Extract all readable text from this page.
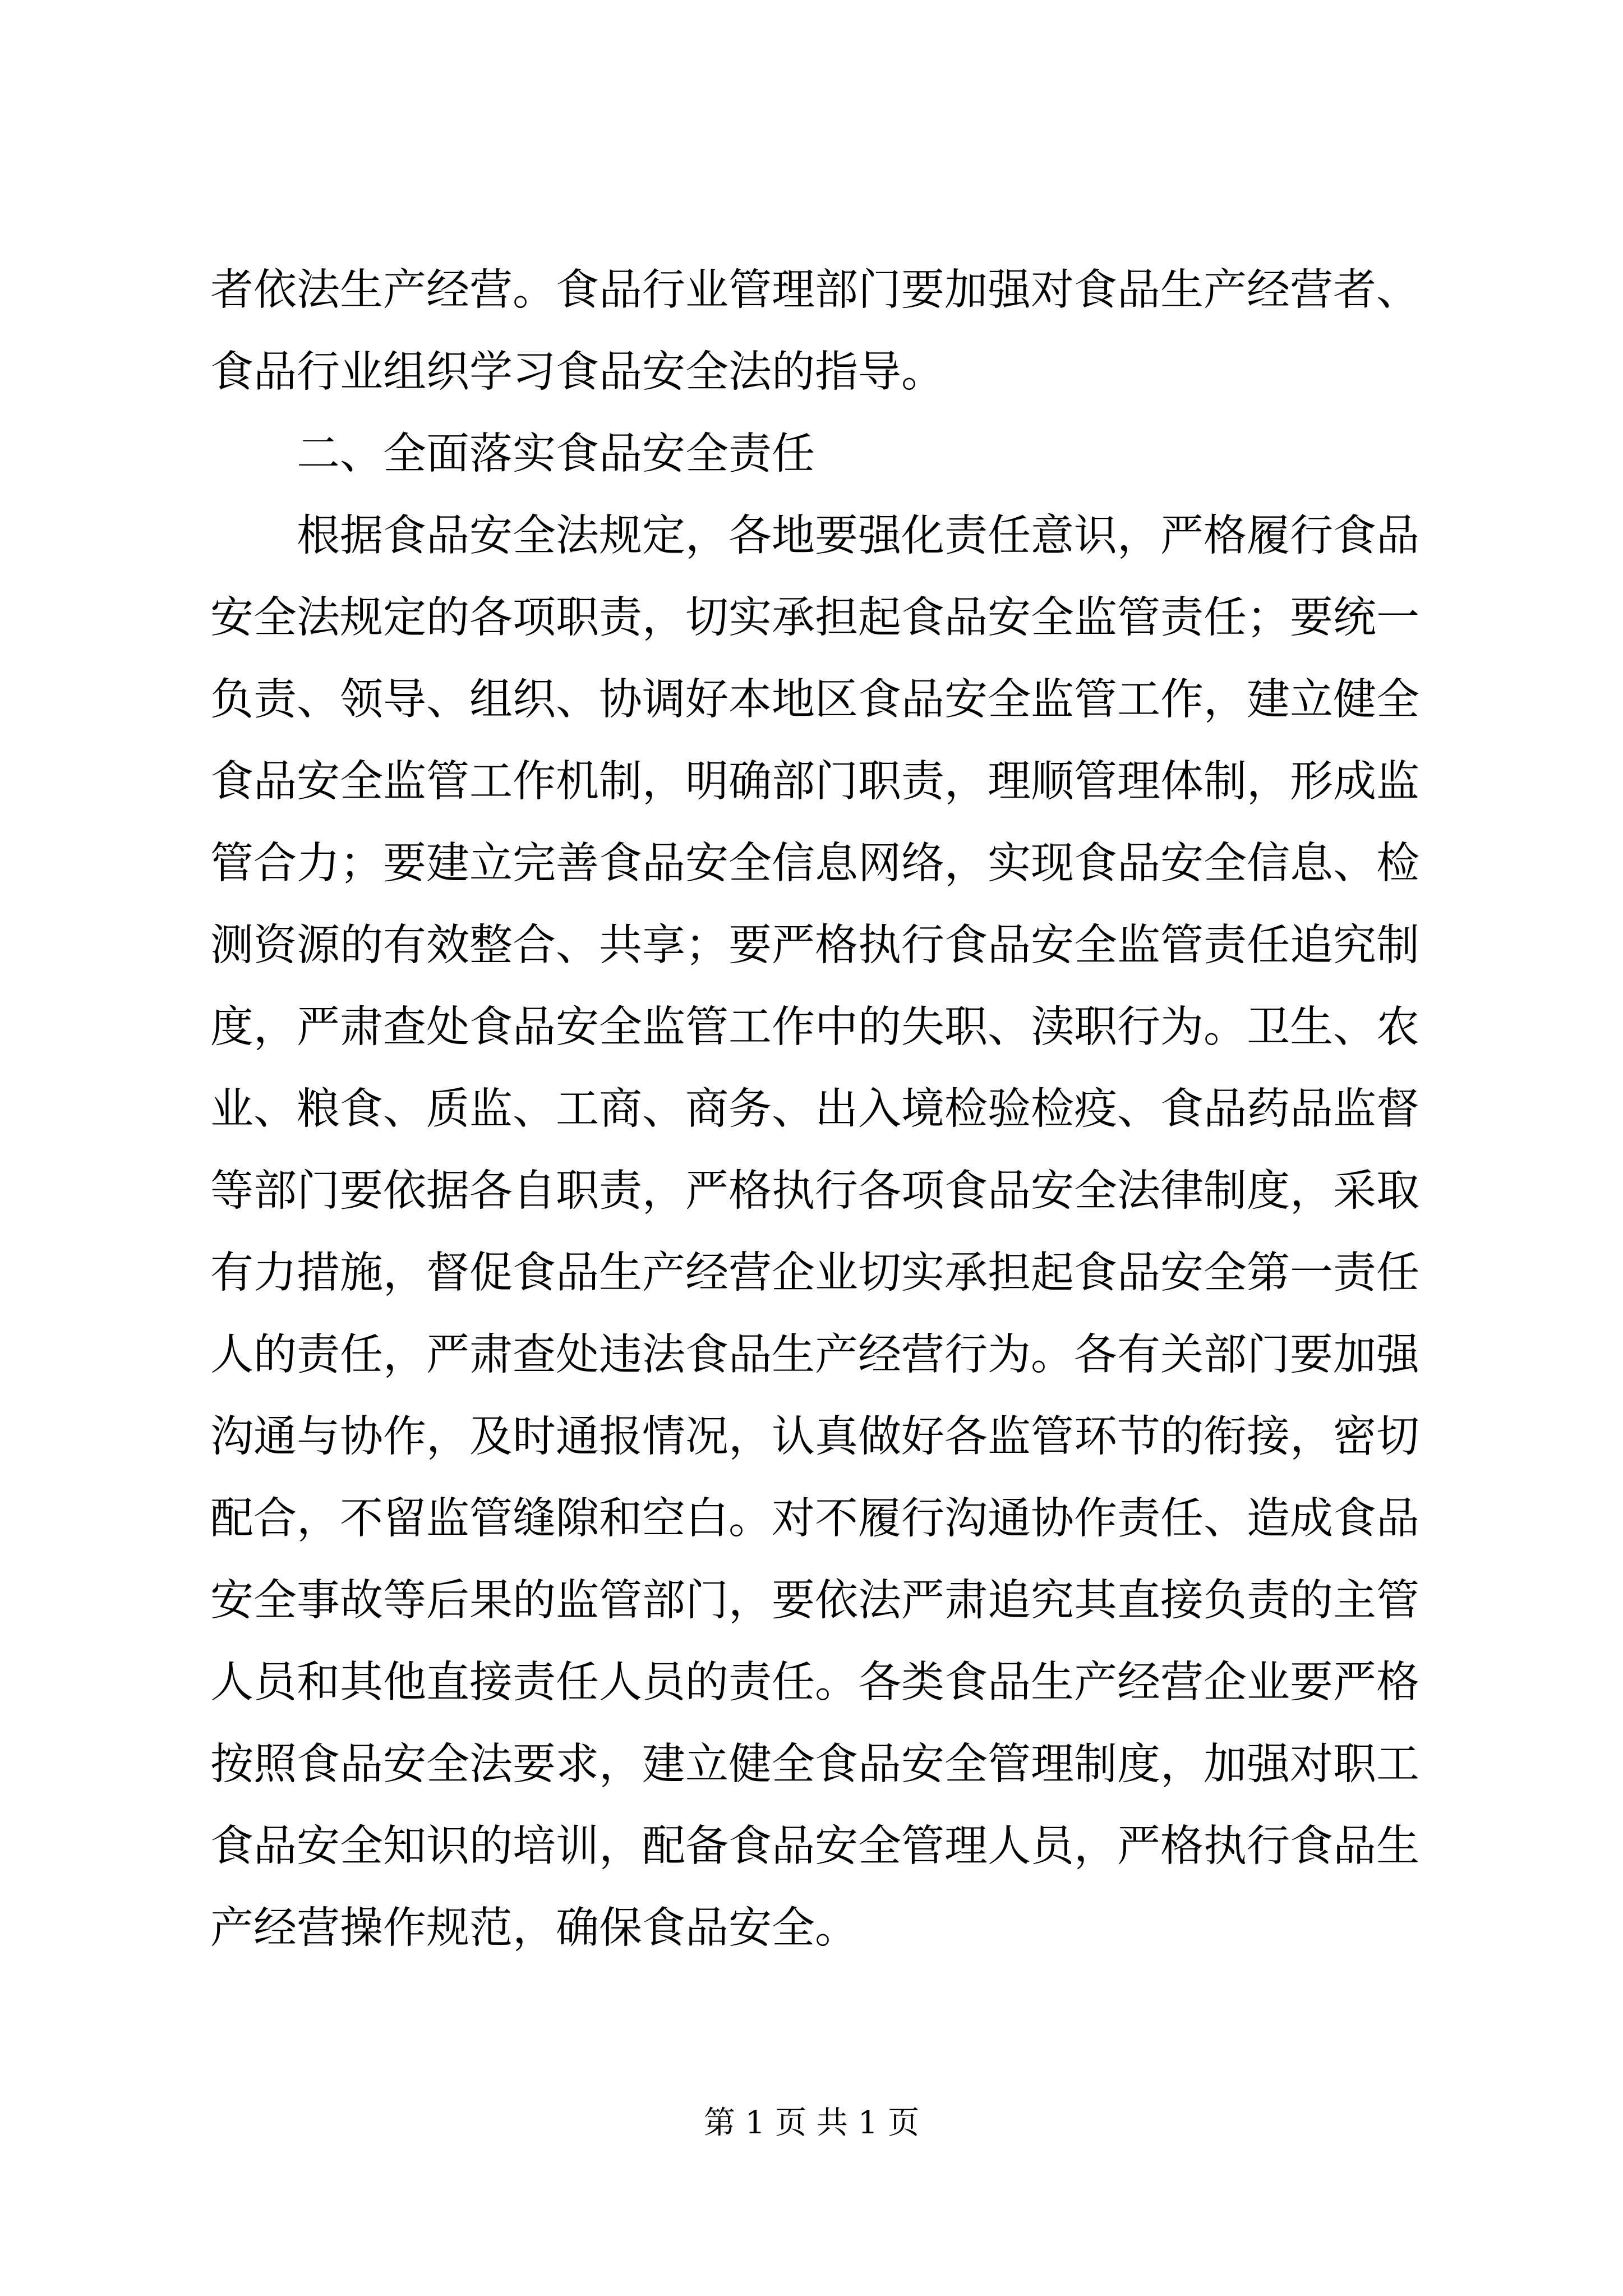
者依法生产经营。食品行业管理部门要加强对食品生产经营者、
食品行业组织学习食品安全法的指导。
二、全面落实食品安全责任
根据食品安全法规定，各地要强化责任意识，严格履行食品
安全法规定的各项职责，切实承担起食品安全监管责任；要统一
负责、领导、组织、协调好本地区食品安全监管工作，建立健全
食品安全监管工作机制，明确部门职责，理顺管理体制，形成监
管合力；要建立完善食品安全信息网络，实现食品安全信息、检
测资源的有效整合、共享；要严格执行食品安全监管责任追究制
度，严肃查处食品安全监管工作中的失职、渎职行为。卫生、农
业、粮食、质监、工商、商务、出入境检验检疫、食品药品监督
等部门要依据各自职责，严格执行各项食品安全法律制度，采取
有力措施，督促食品生产经营企业切实承担起食品安全第一责任
人的责任，严肃查处违法食品生产经营行为。各有关部门要加强
沟通与协作，及时通报情况，认真做好各监管环节的衔接，密切
配合，不留监管缝隙和空白。对不履行沟通协作责任、造成食品
安全事故等后果的监管部门，要依法严肃追究其直接负责的主管
人员和其他直接责任人员的责任。各类食品生产经营企业要严格
按照食品安全法要求，建立健全食品安全管理制度，加强对职工
食品安全知识的培训，配备食品安全管理人员，严格执行食品生
产经营操作规范，确保食品安全。
第 1 页 共 1 页
